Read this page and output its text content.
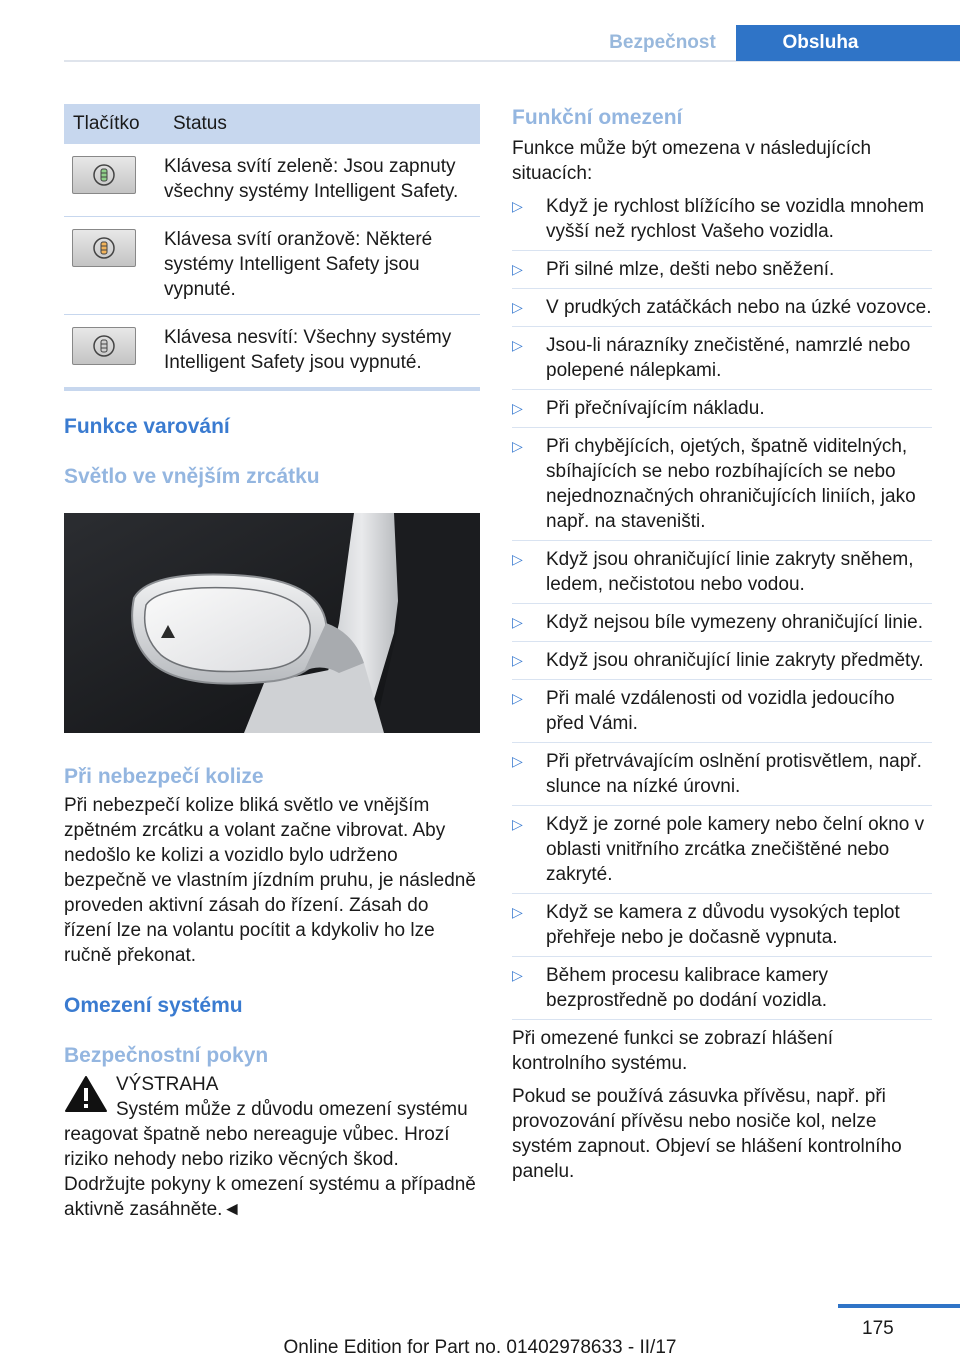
Bezpečnost	Obsluha
Tlačítko	Status

	Klávesa svítí zeleně: Jsou zapnuty všechny systémy Intelligent Safety.

	Klávesa svítí oranžově: Některé systémy Intelligent Safety jsou vypnuté.

	Klávesa nesvítí: Všechny systémy Intelligent Safety jsou vypnuté.
Funkce varování
Světlo ve vnějším zrcátku
Při nebezpečí kolize

Při nebezpečí kolize bliká světlo ve vnějším zpětném zrcátku a volant začne vibrovat. Aby nedošlo ke kolizi a vozidlo bylo udrženo bezpečně ve vlastním jízdním pruhu, je následně proveden aktivní zásah do řízení. Zásah do řízení lze na volantu pocítit a kdykoliv ho lze ručně překonat.

Omezení systému
Bezpečnostní pokyn
VÝSTRAHA

Systém může z důvodu omezení systému reagovat špatně nebo nereaguje vůbec. Hrozí riziko nehody nebo riziko věcných škod. Dodržujte pokyny k omezení systému a případně aktivně zasáhněte.◄

Funkční omezení

Funkce může být omezena v následujících situacích:

▷ Když je rychlost blížícího se vozidla mnohem vyšší než rychlost Vašeho vozidla.
▷ Při silné mlze, dešti nebo sněžení.
▷ V prudkých zatáčkách nebo na úzké vozovce.
▷ Jsou-li nárazníky znečistěné, namrzlé nebo polepené nálepkami.
▷ Při přečnívajícím nákladu.
▷ Při chybějících, ojetých, špatně viditelných, sbíhajících se nebo rozbíhajících se nebo nejednoznačných ohraničujících liniích, jako např. na staveništi.
▷ Když jsou ohraničující linie zakryty sněhem, ledem, nečistotou nebo vodou.
▷ Když nejsou bíle vymezeny ohraničující linie.
▷ Když jsou ohraničující linie zakryty předměty.
▷ Při malé vzdálenosti od vozidla jedoucího před Vámi.
▷ Při přetrvávajícím oslnění protisvětlem, např. slunce na nízké úrovni.
▷ Když je zorné pole kamery nebo čelní okno v oblasti vnitřního zrcátka znečištěné nebo zakryté.
▷ Když se kamera z důvodu vysokých teplot přehřeje nebo je dočasně vypnuta.
▷ Během procesu kalibrace kamery bezprostředně po dodání vozidla.

Při omezené funkci se zobrazí hlášení kontrolního systému.

Pokud se používá zásuvka přívěsu, např. při provozování přívěsu nebo nosiče kol, nelze systém zapnout. Objeví se hlášení kontrolního panelu.

175
Online Edition for Part no. 01402978633 - II/17
